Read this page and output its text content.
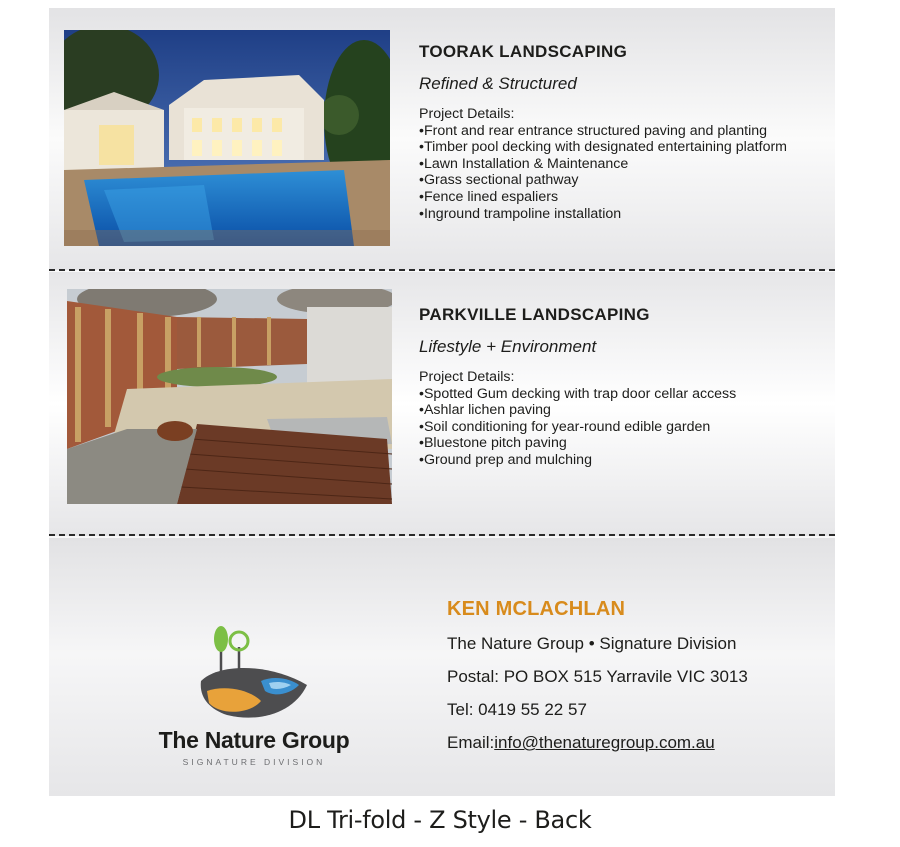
TOORAK LANDSCAPING
Refined & Structured
Project Details:
• Front and rear entrance structured paving and planting
• Timber pool decking with designated entertaining platform
• Lawn Installation & Maintenance
• Grass sectional pathway
• Fence lined espaliers
• Inground trampoline installation
PARKVILLE LANDSCAPING
Lifestyle + Environment
Project Details:
• Spotted Gum decking with trap door cellar access
• Ashlar lichen paving
• Soil conditioning for year-round edible garden
• Bluestone pitch paving
• Ground prep and mulching
The Nature Group
SIGNATURE DIVISION
KEN MCLACHLAN
The Nature Group • Signature Division
Postal: PO BOX 515 Yarravile VIC 3013
Tel: 0419 55 22 57
Email:info@thenaturegroup.com.au
DL Tri-fold - Z Style - Back
